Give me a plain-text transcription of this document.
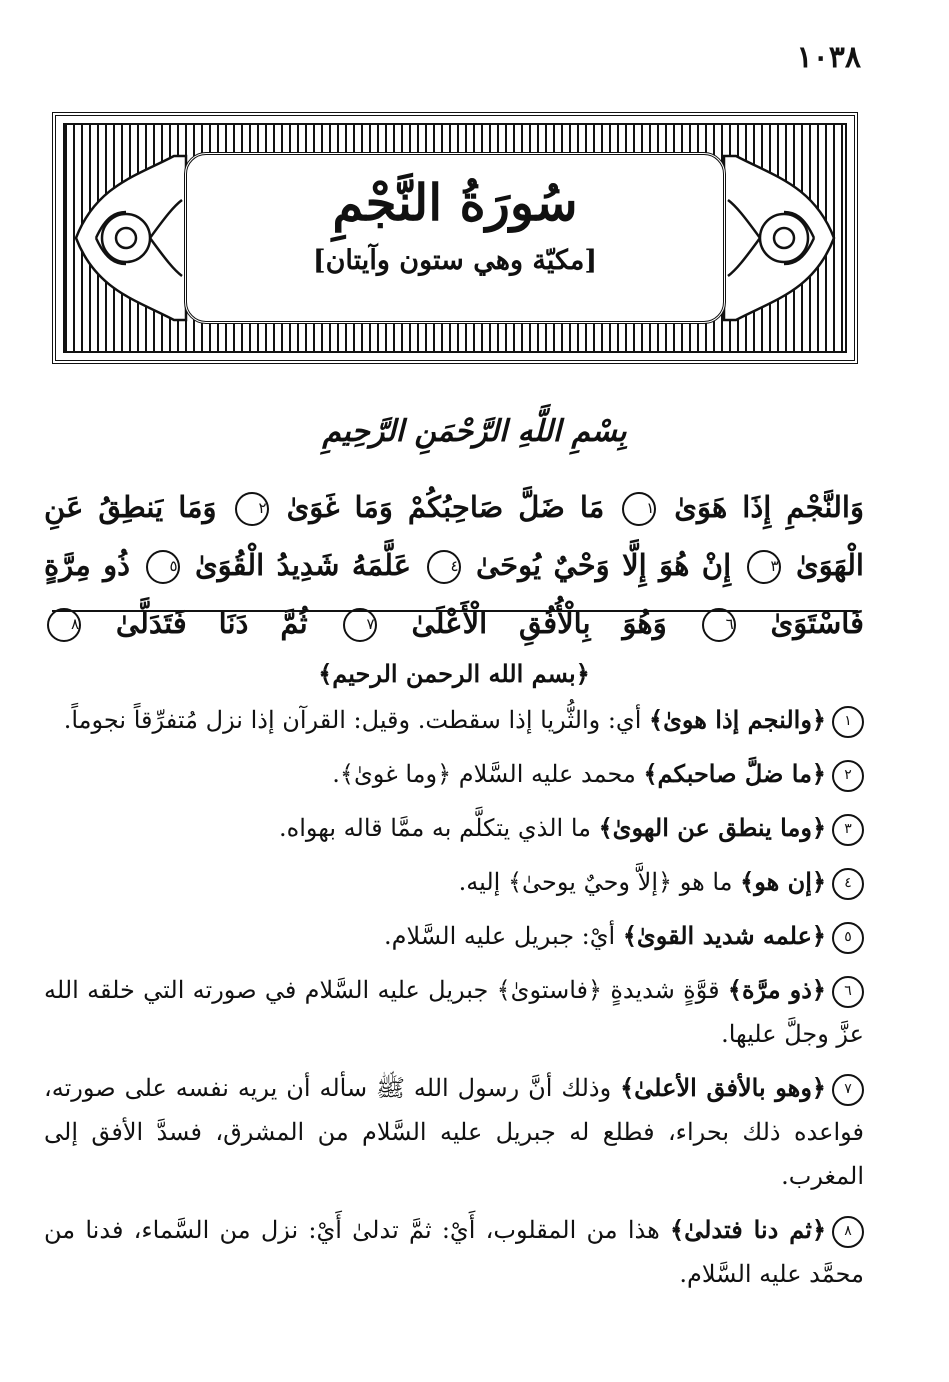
١٠٣٨
سُورَةُ النَّجْمِ
[مكيّة وهي ستون وآيتان]
بِسْمِ اللَّهِ الرَّحْمَنِ الرَّحِيمِ
وَالنَّجْمِ إِذَا هَوَىٰ ١ مَا ضَلَّ صَاحِبُكُمْ وَمَا غَوَىٰ ٢ وَمَا يَنطِقُ عَنِ الْهَوَىٰ ٣ إِنْ هُوَ إِلَّا وَحْيٌ يُوحَىٰ ٤ عَلَّمَهُ شَدِيدُ الْقُوَىٰ ٥ ذُو مِرَّةٍ فَاسْتَوَىٰ ٦ وَهُوَ بِالْأُفُقِ الْأَعْلَىٰ ٧ ثُمَّ دَنَا فَتَدَلَّىٰ ٨
﴿بسم الله الرحمن الرحيم﴾

١﴿والنجم إذا هوىٰ﴾ أي: والثُّريا إذا سقطت. وقيل: القرآن إذا نزل مُتفرِّقاً نجوماً.

٢﴿ما ضلَّ صاحبكم﴾ محمد عليه السَّلام ﴿وما غوىٰ﴾.

٣﴿وما ينطق عن الهوىٰ﴾ ما الذي يتكلَّم به ممَّا قاله بهواه.

٤﴿إن هو﴾ ما هو ﴿إلاَّ وحيٌ يوحىٰ﴾ إليه.

٥﴿علمه شديد القوىٰ﴾ أيْ: جبريل عليه السَّلام.

٦﴿ذو مرَّة﴾ قوَّةٍ شديدةٍ ﴿فاستوىٰ﴾ جبريل عليه السَّلام في صورته التي خلقه الله عزَّ وجلَّ عليها.

٧﴿وهو بالأفق الأعلىٰ﴾ وذلك أنَّ رسول الله ﷺ سأله أن يريه نفسه على صورته، فواعده ذلك بحراء، فطلع له جبريل عليه السَّلام من المشرق، فسدَّ الأفق إلى المغرب.

٨﴿ثم دنا فتدلىٰ﴾ هذا من المقلوب، أَيْ: ثمَّ تدلىٰ أَيْ: نزل من السَّماء، فدنا من محمَّد عليه السَّلام.
